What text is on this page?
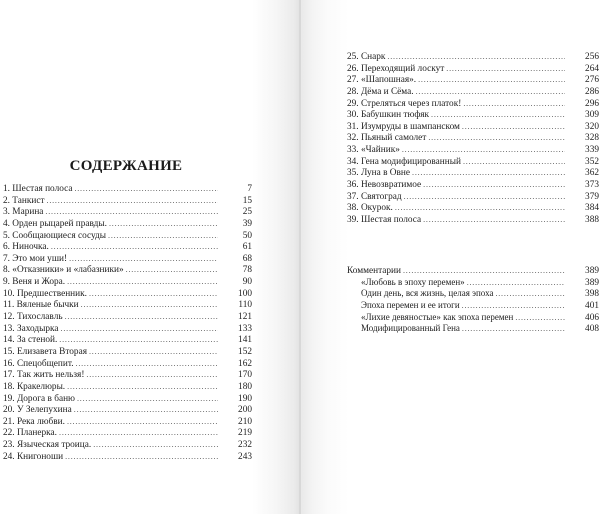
СОДЕРЖАНИЕ
1. Шестая полоса . . .	7
2. Танкист . . .	15
3. Марина . . .	25
4. Орден рыцарей правды. . . .	39
5. Сообщающиеся сосуды . . .	50
6. Ниночка. . . .	61
7. Это мои уши! . . .	68
8. «Отказники» и «лабазники» . . .	78
9. Веня и Жора. . . .	90
10. Предшественник. . . .	100
11. Вяленые бычки . . .	110
12. Тихославль . . .	121
13. Заходырка . . .	133
14. За стеной. . . .	141
15. Елизавета Вторая . . .	152
16. Спецобщепит. . . .	162
17. Так жить нельзя! . . .	170
18. Кракелюры. . . .	180
19. Дорога в баню . . .	190
20. У Зелепухина . . .	200
21. Река любви. . . .	210
22. Планерка. . . .	219
23. Языческая троица. . . .	232
24. Книгоноши . . .	243
25. Снарк . . .	256
26. Переходящий лоскут . . .	264
27. «Шапошная». . . .	276
28. Дёма и Сёма. . . .	286
29. Стреляться через платок! . . .	296
30. Бабушкин тюфяк . . .	309
31. Изумруды в шампанском . . .	320
32. Пьяный самолет . . .	328
33. «Чайник» . . .	339
34. Гена модифицированный . . .	352
35. Луна в Овне . . .	362
36. Невозвратимое . . .	373
37. Святоград . . .	379
38. Окурок. . . .	384
39. Шестая полоса . . .	388
Комментарии . . .	389
«Любовь в эпоху перемен» . . .	389
Один день, вся жизнь, целая эпоха . . .	398
Эпоха перемен и ее итоги . . .	401
«Лихие девяностые» как эпоха перемен . . .	406
Модифицированный Гена . . .	408
